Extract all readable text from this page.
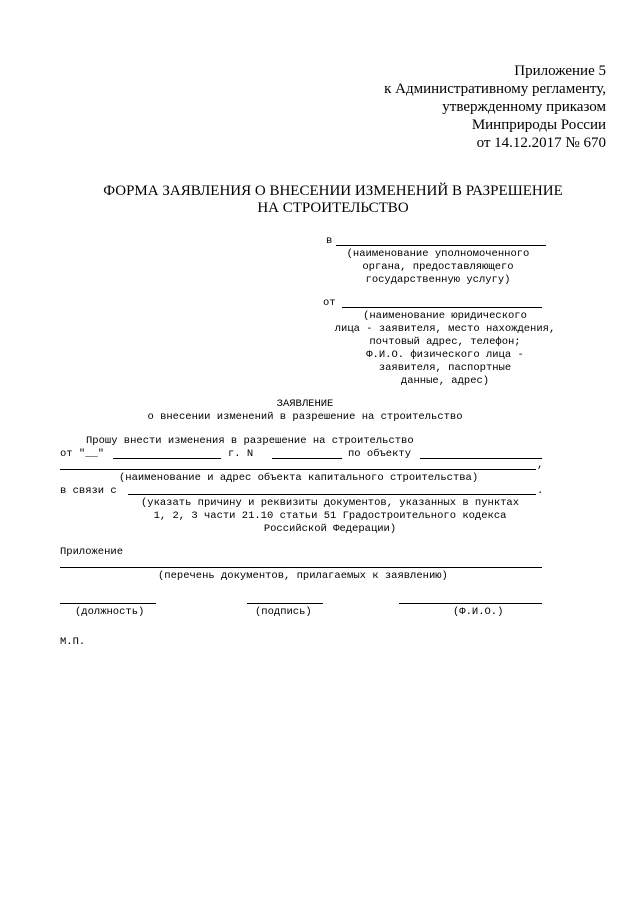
Приложение 5
к Административному регламенту,
утвержденному приказом
Минприроды России
от 14.12.2017 № 670
ФОРМА ЗАЯВЛЕНИЯ О ВНЕСЕНИИ ИЗМЕНЕНИЙ В РАЗРЕШЕНИЕ
НА СТРОИТЕЛЬСТВО
в
(наименование уполномоченного
органа, предоставляющего
государственную услугу)
от
(наименование юридического
лица - заявителя, место нахождения,
почтовый адрес, телефон;
Ф.И.О. физического лица -
заявителя, паспортные
данные, адрес)
ЗАЯВЛЕНИЕ
о внесении изменений в разрешение на строительство
Прошу внести изменения в разрешение на строительство
от "__"	г. N	по объекту
,
(наименование и адрес объекта капитального строительства)
в связи с	.
(указать причину и реквизиты документов, указанных в пунктах
1, 2, 3 части 21.10 статьи 51 Градостроительного кодекса
Российской Федерации)
Приложение
(перечень документов, прилагаемых к заявлению)
(должность)	(подпись)	(Ф.И.О.)
М.П.
